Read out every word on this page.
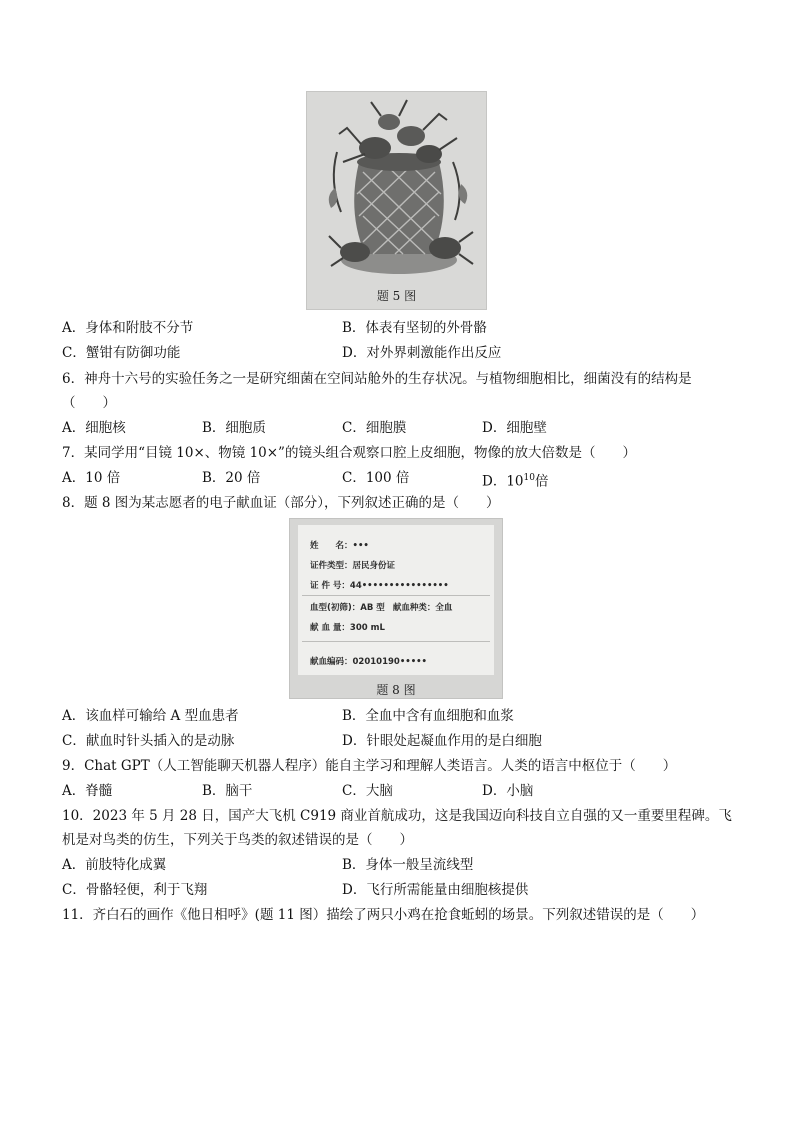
题 5 图
A．身体和附肢不分节	B．体表有坚韧的外骨骼
C．蟹钳有防御功能	D．对外界刺激能作出反应
6．神舟十六号的实验任务之一是研究细菌在空间站舱外的生存状况。与植物细胞相比，细菌没有的结构是
（　　）
A．细胞核	B．细胞质	C．细胞膜	D．细胞壁
7．某同学用“目镜 10×、物镜 10×”的镜头组合观察口腔上皮细胞，物像的放大倍数是（　　）
A．10 倍	B．20 倍	C．100 倍	D．$10^{10}$倍
8．题 8 图为某志愿者的电子献血证（部分），下列叙述正确的是（　　）
姓　　名：•••
证件类型：居民身份证
证 件 号：44••••••••••••••••
血型(初筛)：AB 型 献血种类：全血
献 血 量：300 mL
献血编码：02010190•••••
题 8 图
A．该血样可输给 A 型血患者	B．全血中含有血细胞和血浆
C．献血时针头插入的是动脉	D．针眼处起凝血作用的是白细胞
9．Chat GPT（人工智能聊天机器人程序）能自主学习和理解人类语言。人类的语言中枢位于（　　）
A．脊髓	B．脑干	C．大脑	D．小脑
10．2023 年 5 月 28 日，国产大飞机 C919 商业首航成功，这是我国迈向科技自立自强的又一重要里程碑。飞
机是对鸟类的仿生，下列关于鸟类的叙述错误的是（　　）
A．前肢特化成翼	B．身体一般呈流线型
C．骨骼轻便，利于飞翔	D．飞行所需能量由细胞核提供
11．齐白石的画作《他日相呼》(题 11 图）描绘了两只小鸡在抢食蚯蚓的场景。下列叙述错误的是（　　）
